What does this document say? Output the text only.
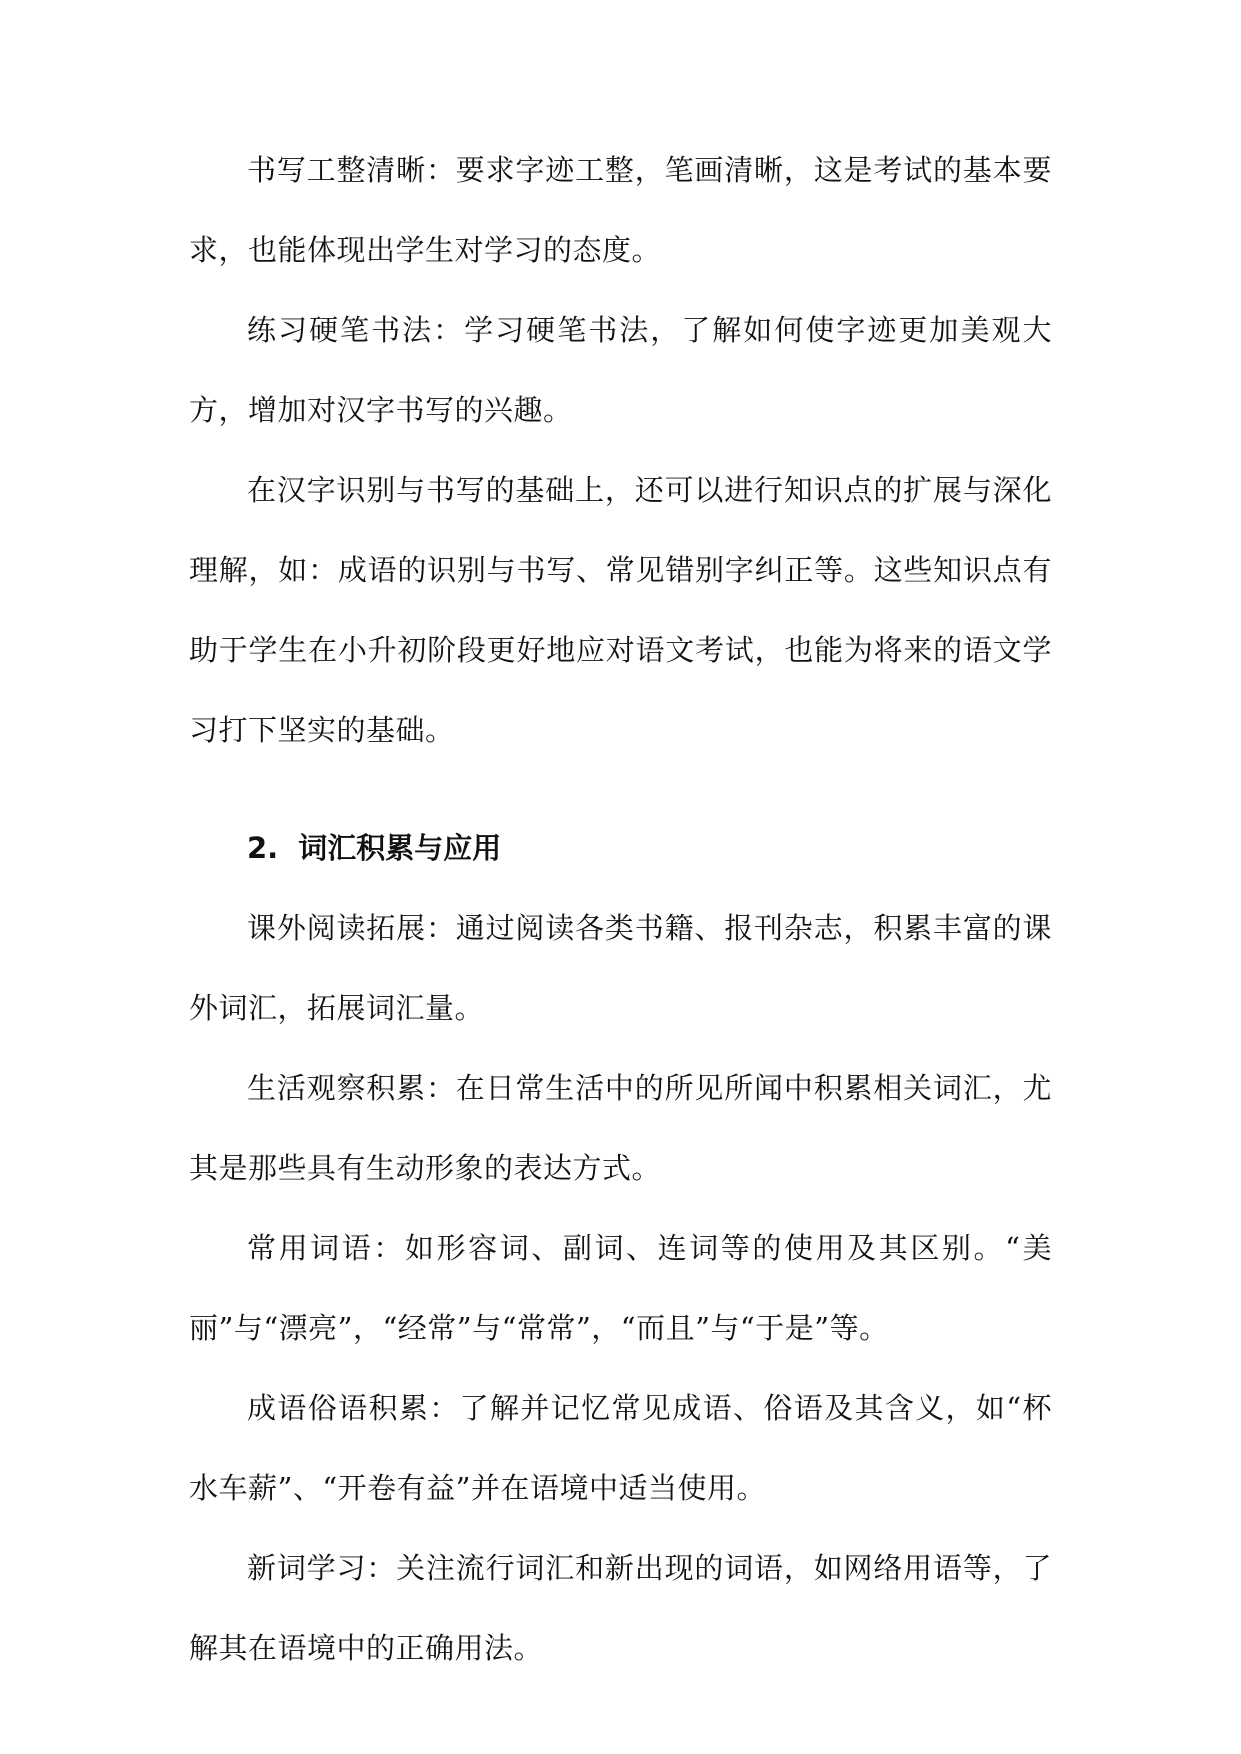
书写工整清晰：要求字迹工整，笔画清晰，这是考试的基本要求，也能体现出学生对学习的态度。

练习硬笔书法：学习硬笔书法，了解如何使字迹更加美观大方，增加对汉字书写的兴趣。

在汉字识别与书写的基础上，还可以进行知识点的扩展与深化理解，如：成语的识别与书写、常见错别字纠正等。这些知识点有助于学生在小升初阶段更好地应对语文考试，也能为将来的语文学习打下坚实的基础。

2. 词汇积累与应用

课外阅读拓展：通过阅读各类书籍、报刊杂志，积累丰富的课外词汇，拓展词汇量。

生活观察积累：在日常生活中的所见所闻中积累相关词汇，尤其是那些具有生动形象的表达方式。

常用词语：如形容词、副词、连词等的使用及其区别。“美丽”与“漂亮”，“经常”与“常常”，“而且”与“于是”等。

成语俗语积累：了解并记忆常见成语、俗语及其含义，如“杯水车薪”、“开卷有益”并在语境中适当使用。

新词学习：关注流行词汇和新出现的词语，如网络用语等，了解其在语境中的正确用法。
